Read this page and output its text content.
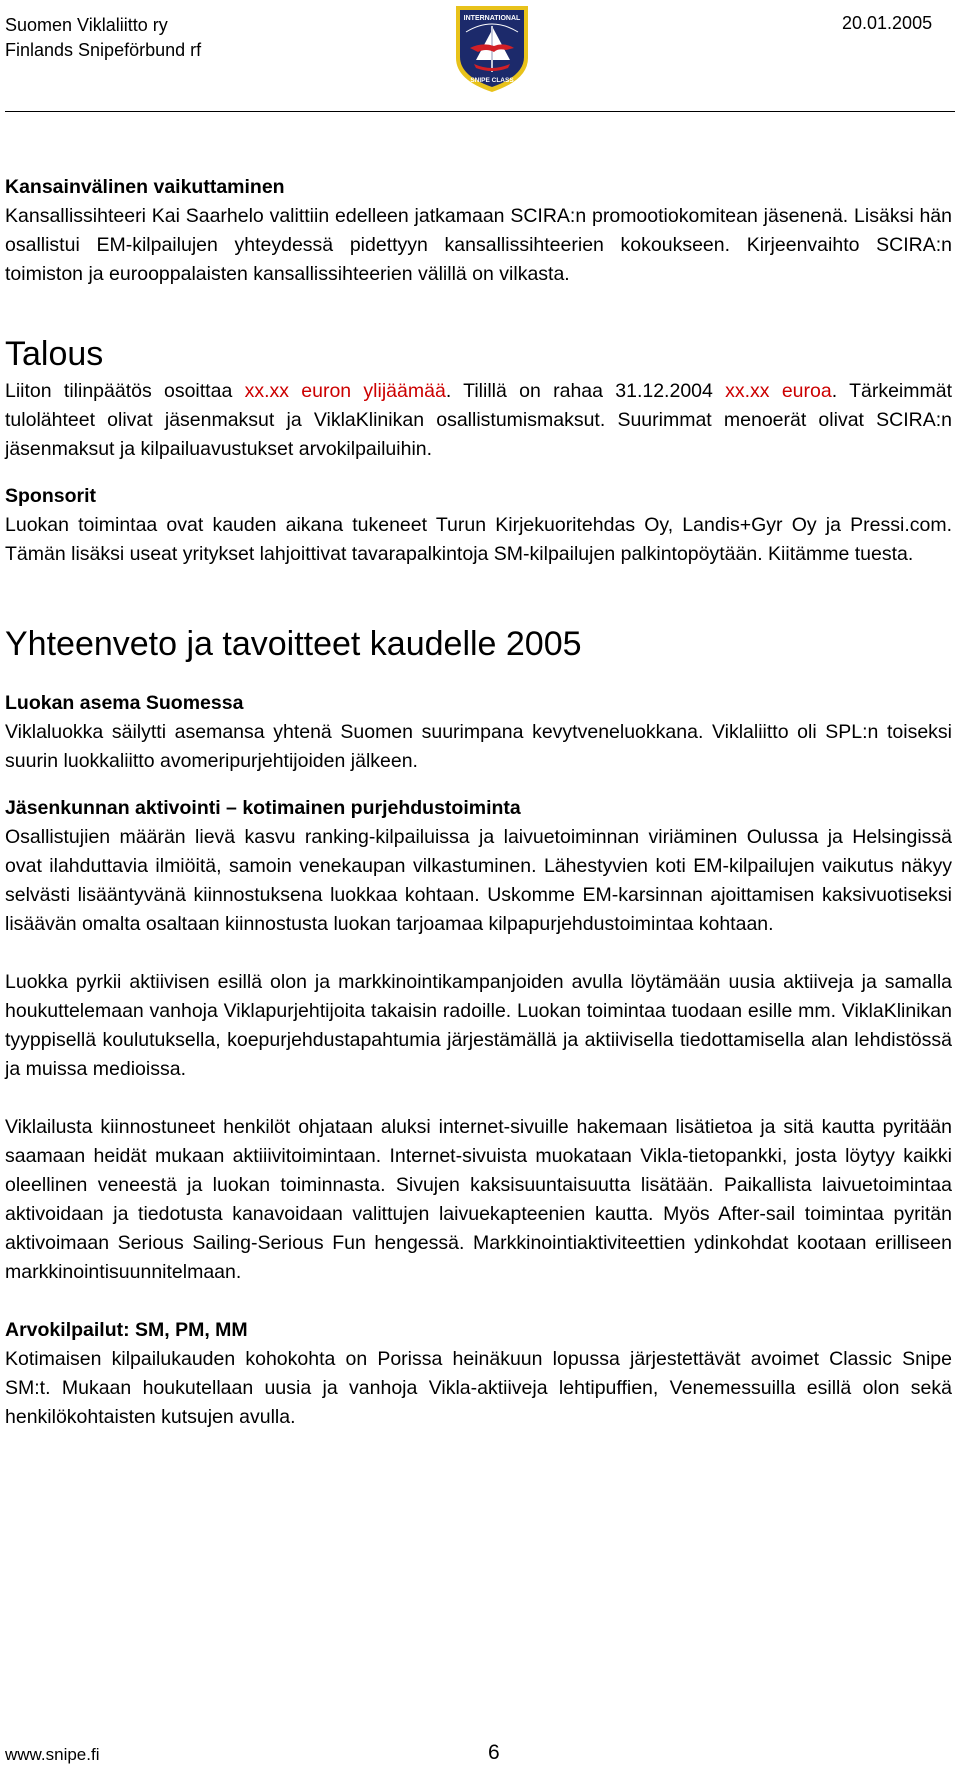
Suomen Viklaliitto ry
Finlands Snipeförbund rf
INTERNATIONAL
SNIPE CLASS
20.01.2005

Kansainvälinen vaikuttaminen

Kansallissihteeri Kai Saarhelo valittiin edelleen jatkamaan SCIRA:n promootiokomitean jäsenenä. Lisäksi hän osallistui EM-kilpailujen yhteydessä pidettyyn kansallissihteerien kokoukseen. Kirjeenvaihto SCIRA:n toimiston ja eurooppalaisten kansallissihteerien välillä on vilkasta.

Talous

Liiton tilinpäätös osoittaa xx.xx euron ylijäämää. Tilillä on rahaa 31.12.2004 xx.xx euroa. Tärkeimmät tulolähteet olivat jäsenmaksut ja ViklaKlinikan osallistumismaksut. Suurimmat menoerät olivat SCIRA:n jäsenmaksut ja kilpailuavustukset arvokilpailuihin.

Sponsorit

Luokan toimintaa ovat kauden aikana tukeneet Turun Kirjekuoritehdas Oy, Landis+Gyr Oy ja Pressi.com. Tämän lisäksi useat yritykset lahjoittivat tavarapalkintoja SM-kilpailujen palkintopöytään. Kiitämme tuesta.

Yhteenveto ja tavoitteet kaudelle 2005

Luokan asema Suomessa

Viklaluokka säilytti asemansa yhtenä Suomen suurimpana kevytveneluokkana. Viklaliitto oli SPL:n toiseksi suurin luokkaliitto avomeripurjehtijoiden jälkeen.

Jäsenkunnan aktivointi – kotimainen purjehdustoiminta

Osallistujien määrän lievä kasvu ranking-kilpailuissa ja laivuetoiminnan viriäminen Oulussa ja Helsingissä ovat ilahduttavia ilmiöitä, samoin venekaupan vilkastuminen. Lähestyvien koti EM-kilpailujen vaikutus näkyy selvästi lisääntyvänä kiinnostuksena luokkaa kohtaan. Uskomme EM-karsinnan ajoittamisen kaksivuotiseksi lisäävän omalta osaltaan kiinnostusta luokan tarjoamaa kilpapurjehdustoimintaa kohtaan.

Luokka pyrkii aktiivisen esillä olon ja markkinointikampanjoiden avulla löytämään uusia aktiiveja ja samalla houkuttelemaan vanhoja Viklapurjehtijoita takaisin radoille. Luokan toimintaa tuodaan esille mm. ViklaKlinikan tyyppisellä koulutuksella, koepurjehdustapahtumia järjestämällä ja aktiivisella tiedottamisella alan lehdistössä ja muissa medioissa.

Viklailusta kiinnostuneet henkilöt ohjataan aluksi internet-sivuille hakemaan lisätietoa ja sitä kautta pyritään saamaan heidät mukaan aktiiivitoimintaan. Internet-sivuista muokataan Vikla-tietopankki, josta löytyy kaikki oleellinen veneestä ja luokan toiminnasta. Sivujen kaksisuuntaisuutta lisätään. Paikallista laivuetoimintaa aktivoidaan ja tiedotusta kanavoidaan valittujen laivuekapteenien kautta. Myös After-sail toimintaa pyritän aktivoimaan Serious Sailing-Serious Fun hengessä. Markkinointiaktiviteettien ydinkohdat kootaan erilliseen markkinointisuunnitelmaan.

Arvokilpailut: SM, PM, MM

Kotimaisen kilpailukauden kohokohta on Porissa heinäkuun lopussa järjestettävät avoimet Classic Snipe SM:t. Mukaan houkutellaan uusia ja vanhoja Vikla-aktiiveja lehtipuffien, Venemessuilla esillä olon sekä henkilökohtaisten kutsujen avulla.

www.snipe.fi	6
